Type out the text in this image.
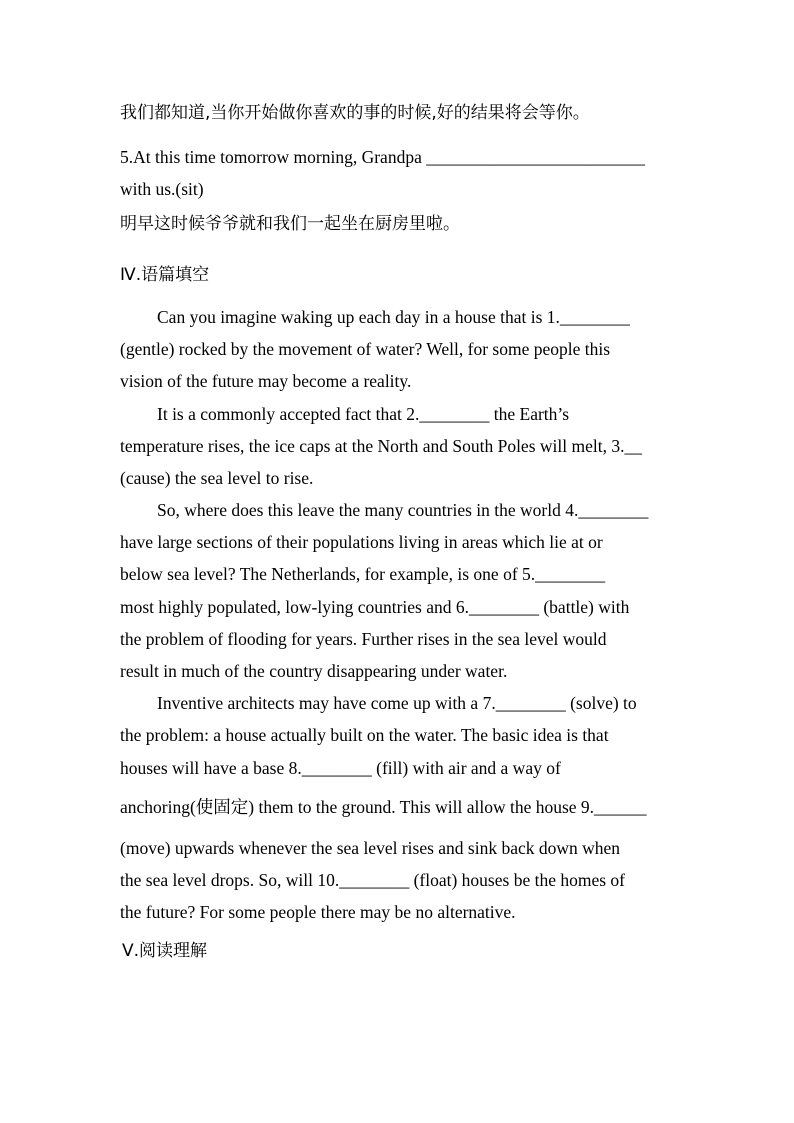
我们都知道,当你开始做你喜欢的事的时候,好的结果将会等你。
5.At this time tomorrow morning, Grandpa _________________________
with us.(sit)
明早这时候爷爷就和我们一起坐在厨房里啦。
Ⅳ.语篇填空
Can you imagine waking up each day in a house that is 1.________
(gentle) rocked by the movement of water? Well, for some people this
vision of the future may become a reality.
It is a commonly accepted fact that 2.________ the Earth’s
temperature rises, the ice caps at the North and South Poles will melt, 3.__
(cause) the sea level to rise.
So, where does this leave the many countries in the world 4.________
have large sections of their populations living in areas which lie at or
below sea level? The Netherlands, for example, is one of 5.________
most highly populated, low-lying countries and 6.________ (battle) with
the problem of flooding for years. Further rises in the sea level would
result in much of the country disappearing under water.
Inventive architects may have come up with a 7.________ (solve) to
the problem: a house actually built on the water. The basic idea is that
houses will have a base 8.________ (fill) with air and a way of
anchoring(使固定) them to the ground. This will allow the house 9.______
(move) upwards whenever the sea level rises and sink back down when
the sea level drops. So, will 10.________ (float) houses be the homes of
the future? For some people there may be no alternative.
Ⅴ.阅读理解
